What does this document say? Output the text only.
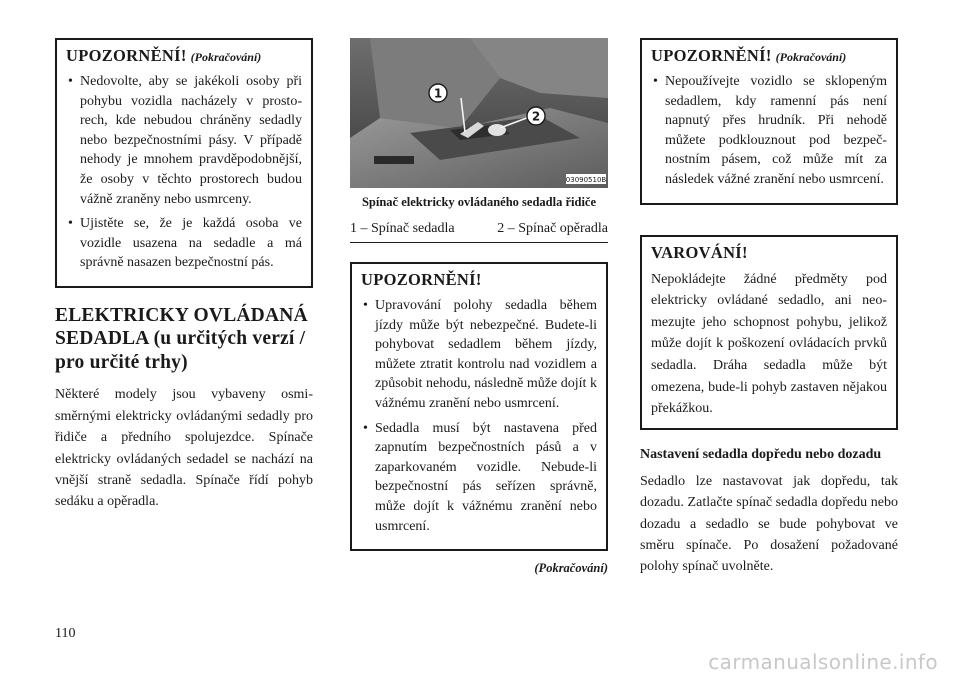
UPOZORNĚNÍ! (Pokračování)
• Nedovolte, aby se jakékoli osoby při pohybu vozidla nacházely v prostorech, kde nebudou chráněny sedadly nebo bezpečnostními pásy. V případě nehody je mnohem pravděpodobnější, že osoby v těchto prostorech budou vážně zraněny nebo usmrceny.
• Ujistěte se, že je každá osoba ve vozidle usazena na sedadle a má správně nasazen bezpečnostní pás.
ELEKTRICKY OVLÁDANÁ SEDADLA (u určitých verzí / pro určité trhy)

Některé modely jsou vybaveny osmisměrnými elektricky ovládanými sedadly pro řidiče a předního spolujezdce. Spínače elektricky ovládaných sedadel se nachází na vnější straně sedadla. Spínače řídí pohyb sedáku a opěradla.

1
2
03090510B
Spínač elektricky ovládaného sedadla řidiče
1 – Spínač sedadla	2 – Spínač opěradla
UPOZORNĚNÍ!
• Upravování polohy sedadla během jízdy může být nebezpečné. Budete-li pohybovat sedadlem během jízdy, můžete ztratit kontrolu nad vozidlem a způsobit nehodu, následně může dojít k vážnému zranění nebo usmrcení.
• Sedadla musí být nastavena před zapnutím bezpečnostních pásů a v zaparkovaném vozidle. Nebude-li bezpečnostní pás seřízen správně, může dojít k vážnému zranění nebo usmrcení.
(Pokračování)
UPOZORNĚNÍ! (Pokračování)
• Nepoužívejte vozidlo se sklopeným sedadlem, kdy ramenní pás není napnutý přes hrudník. Při nehodě můžete podklouznout pod bezpečnostním pásem, což může mít za následek vážné zranění nebo usmrcení.
VAROVÁNÍ!

Nepokládejte žádné předměty pod elektricky ovládané sedadlo, ani neomezujte jeho schopnost pohybu, jelikož může dojít k poškození ovládacích prvků sedadla. Dráha sedadla může být omezena, bude-li pohyb zastaven nějakou překážkou.

Nastavení sedadla dopředu nebo dozadu

Sedadlo lze nastavovat jak dopředu, tak dozadu. Zatlačte spínač sedadla dopředu nebo dozadu a sedadlo se bude pohybovat ve směru spínače. Po dosažení požadované polohy spínač uvolněte.

110
carmanualsonline.info
